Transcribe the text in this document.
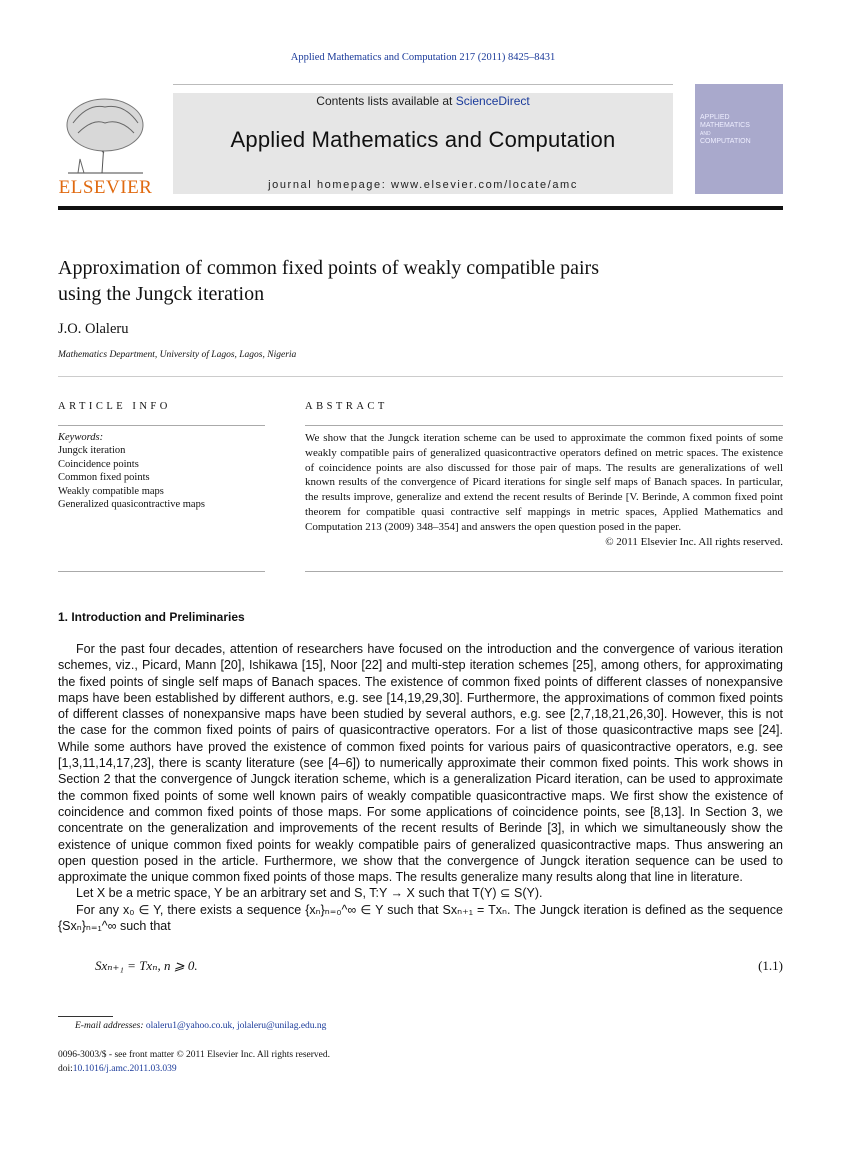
Applied Mathematics and Computation 217 (2011) 8425–8431
ELSEVIER
Contents lists available at ScienceDirect
Applied Mathematics and Computation
journal homepage: www.elsevier.com/locate/amc
APPLIED
MATHEMATICS
AND
COMPUTATION
Approximation of common fixed points of weakly compatible pairs
using the Jungck iteration
J.O. Olaleru
Mathematics Department, University of Lagos, Lagos, Nigeria
ARTICLE INFO
Keywords:
Jungck iteration
Coincidence points
Common fixed points
Weakly compatible maps
Generalized quasicontractive maps
ABSTRACT
We show that the Jungck iteration scheme can be used to approximate the common fixed points of some weakly compatible pairs of generalized quasicontractive operators defined on metric spaces. The existence of coincidence points are also discussed for those pair of maps. The results are generalizations of well known results of the convergence of Picard iterations for single self maps of Banach spaces. In particular, the results improve, generalize and extend the recent results of Berinde [V. Berinde, A common fixed point theorem for compatible quasi contractive self mappings in metric spaces, Applied Mathematics and Computation 213 (2009) 348–354] and answers the open question posed in the paper.
© 2011 Elsevier Inc. All rights reserved.
1. Introduction and Preliminaries

For the past four decades, attention of researchers have focused on the introduction and the convergence of various iteration schemes, viz., Picard, Mann [20], Ishikawa [15], Noor [22] and multi-step iteration schemes [25], among others, for approximating the fixed points of single self maps of Banach spaces. The existence of common fixed points of different classes of nonexpansive maps have been established by different authors, e.g. see [14,19,29,30]. Furthermore, the approximations of common fixed points of different classes of nonexpansive maps have been studied by several authors, e.g. see [2,7,18,21,26,30]. However, this is not the case for the common fixed points of pairs of quasicontractive operators. For a list of those quasicontractive maps see [24]. While some authors have proved the existence of common fixed points for various pairs of quasicontractive operators, e.g. see [1,3,11,14,17,23], there is scanty literature (see [4–6]) to numerically approximate their common fixed points. This work shows in Section 2 that the convergence of Jungck iteration scheme, which is a generalization Picard iteration, can be used to approximate the common fixed points of some well known pairs of weakly compatible quasicontractive maps. We first show the existence of coincidence and common fixed points of those maps. For some applications of coincidence points, see [8,13]. In Section 3, we concentrate on the generalization and improvements of the recent results of Berinde [3], in which we simultaneously show the existence of unique common fixed points for weakly compatible pairs of generalized quasicontractive maps. Thus answering an open question posed in the article. Furthermore, we show that the convergence of Jungck iteration sequence can be used to approximate the unique common fixed points of those maps. The results generalize many results along that line in literature.

Let X be a metric space, Y be an arbitrary set and S, T:Y → X such that T(Y) ⊆ S(Y).

For any x₀ ∈ Y, there exists a sequence {xₙ}ₙ₌₀^∞ ∈ Y such that Sxₙ₊₁ = Txₙ. The Jungck iteration is defined as the sequence {Sxₙ}ₙ₌₁^∞ such that

Sxₙ₊₁ = Txₙ, n ⩾ 0.	(1.1)
E-mail addresses: olaleru1@yahoo.co.uk, jolaleru@unilag.edu.ng
0096-3003/$ - see front matter © 2011 Elsevier Inc. All rights reserved.
doi:10.1016/j.amc.2011.03.039
